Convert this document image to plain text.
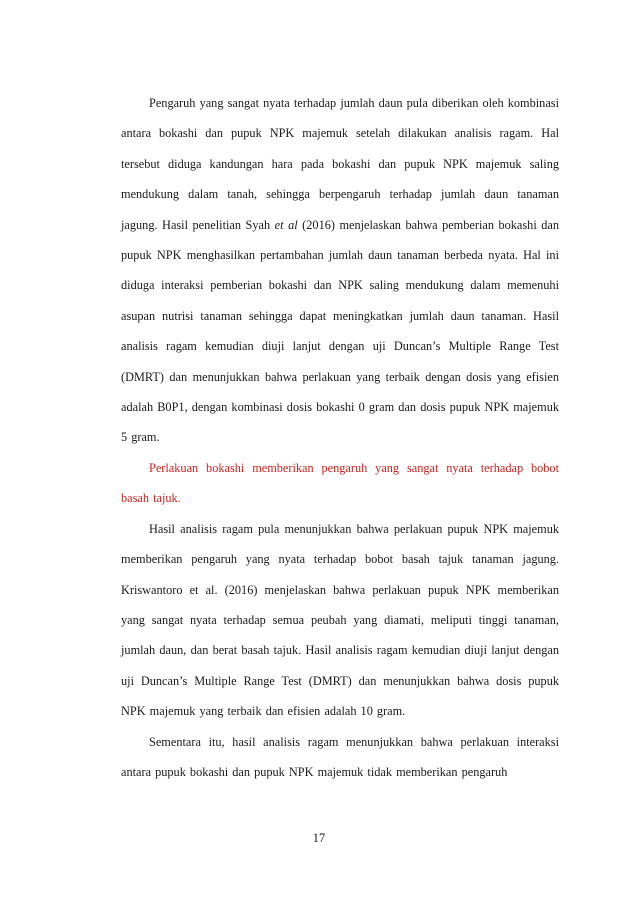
Pengaruh yang sangat nyata terhadap jumlah daun pula diberikan oleh kombinasi antara bokashi dan pupuk NPK majemuk setelah dilakukan analisis ragam. Hal tersebut diduga kandungan hara pada bokashi dan pupuk NPK majemuk saling mendukung dalam tanah, sehingga berpengaruh terhadap jumlah daun tanaman jagung. Hasil penelitian Syah et al (2016) menjelaskan bahwa pemberian bokashi dan pupuk NPK menghasilkan pertambahan jumlah daun tanaman berbeda nyata. Hal ini diduga interaksi pemberian bokashi dan NPK saling mendukung dalam memenuhi asupan nutrisi tanaman sehingga dapat meningkatkan jumlah daun tanaman. Hasil analisis ragam kemudian diuji lanjut dengan uji Duncan’s Multiple Range Test (DMRT) dan menunjukkan bahwa perlakuan yang terbaik dengan dosis yang efisien adalah B0P1, dengan kombinasi dosis bokashi 0 gram dan dosis pupuk NPK majemuk 5 gram.

Perlakuan bokashi memberikan pengaruh yang sangat nyata terhadap bobot basah tajuk.

Hasil analisis ragam pula menunjukkan bahwa perlakuan pupuk NPK majemuk memberikan pengaruh yang nyata terhadap bobot basah tajuk tanaman jagung. Kriswantoro et al. (2016) menjelaskan bahwa perlakuan pupuk NPK memberikan yang sangat nyata terhadap semua peubah yang diamati, meliputi tinggi tanaman, jumlah daun, dan berat basah tajuk. Hasil analisis ragam kemudian diuji lanjut dengan uji Duncan’s Multiple Range Test (DMRT) dan menunjukkan bahwa dosis pupuk NPK majemuk yang terbaik dan efisien adalah 10 gram.

Sementara itu, hasil analisis ragam menunjukkan bahwa perlakuan interaksi antara pupuk bokashi dan pupuk NPK majemuk tidak memberikan pengaruh

17
